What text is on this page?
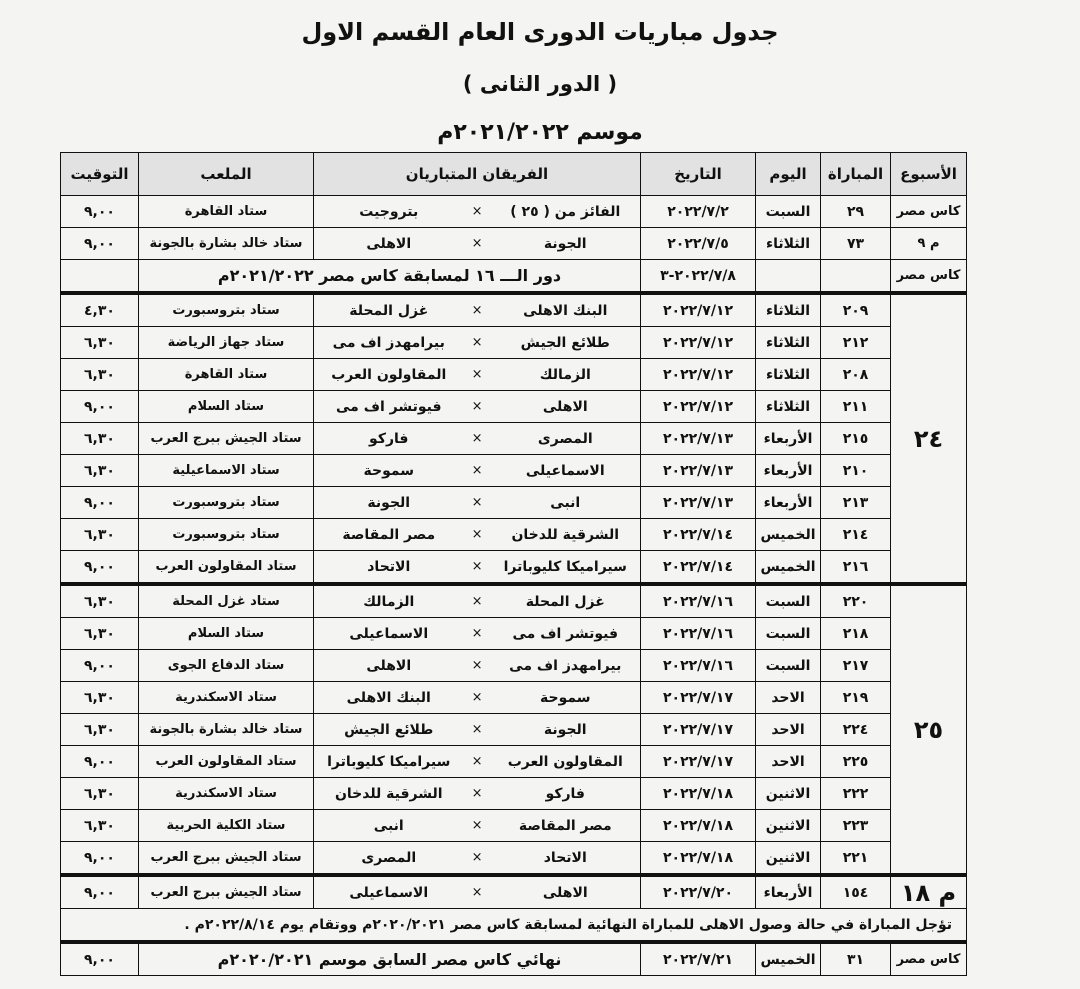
جدول مباريات الدورى العام القسم الاول
( الدور الثانى )
موسم ٢٠٢١/٢٠٢٢م
الأسبوع	المباراة	اليوم	التاريخ	الفريقان المتباريان			الملعب	التوقيت
كاس مصر	٢٩	السبت	٢٠٢٢/٧/٢	الفائز من ( ٢٥ )	×	بتروجيت	ستاد القاهرة	٩,٠٠
م ٩	٧٣	الثلاثاء	٢٠٢٢/٧/٥	الجونة	×	الاهلى	ستاد خالد بشارة بالجونة	٩,٠٠
كاس مصر			٢٠٢٢/٧/٨-٣	دور الـــ ١٦ لمسابقة كاس مصر ٢٠٢١/٢٠٢٢م				
٢٤	٢٠٩	الثلاثاء	٢٠٢٢/٧/١٢	البنك الاهلى	×	غزل المحلة	ستاد بتروسبورت	٤,٣٠
	٢١٢	الثلاثاء	٢٠٢٢/٧/١٢	طلائع الجيش	×	بيرامهدز اف مى	ستاد جهاز الرياضة	٦,٣٠
	٢٠٨	الثلاثاء	٢٠٢٢/٧/١٢	الزمالك	×	المقاولون العرب	ستاد القاهرة	٦,٣٠
	٢١١	الثلاثاء	٢٠٢٢/٧/١٢	الاهلى	×	فيوتشر اف مى	ستاد السلام	٩,٠٠
	٢١٥	الأربعاء	٢٠٢٢/٧/١٣	المصرى	×	فاركو	ستاد الجيش ببرج العرب	٦,٣٠
	٢١٠	الأربعاء	٢٠٢٢/٧/١٣	الاسماعيلى	×	سموحة	ستاد الاسماعيلية	٦,٣٠
	٢١٣	الأربعاء	٢٠٢٢/٧/١٣	انبى	×	الجونة	ستاد بتروسبورت	٩,٠٠
	٢١٤	الخميس	٢٠٢٢/٧/١٤	الشرقية للدخان	×	مصر المقاصة	ستاد بتروسبورت	٦,٣٠
	٢١٦	الخميس	٢٠٢٢/٧/١٤	سيراميكا كليوباترا	×	الاتحاد	ستاد المقاولون العرب	٩,٠٠
٢٥	٢٢٠	السبت	٢٠٢٢/٧/١٦	غزل المحلة	×	الزمالك	ستاد غزل المحلة	٦,٣٠
	٢١٨	السبت	٢٠٢٢/٧/١٦	فيوتشر اف مى	×	الاسماعيلى	ستاد السلام	٦,٣٠
	٢١٧	السبت	٢٠٢٢/٧/١٦	بيرامهدز اف مى	×	الاهلى	ستاد الدفاع الجوى	٩,٠٠
	٢١٩	الاحد	٢٠٢٢/٧/١٧	سموحة	×	البنك الاهلى	ستاد الاسكندرية	٦,٣٠
	٢٢٤	الاحد	٢٠٢٢/٧/١٧	الجونة	×	طلائع الجيش	ستاد خالد بشارة بالجونة	٦,٣٠
	٢٢٥	الاحد	٢٠٢٢/٧/١٧	المقاولون العرب	×	سيراميكا كليوباترا	ستاد المقاولون العرب	٩,٠٠
	٢٢٢	الاثنين	٢٠٢٢/٧/١٨	فاركو	×	الشرقية للدخان	ستاد الاسكندرية	٦,٣٠
	٢٢٣	الاثنين	٢٠٢٢/٧/١٨	مصر المقاصة	×	انبى	ستاد الكلية الحربية	٦,٣٠
	٢٢١	الاثنين	٢٠٢٢/٧/١٨	الاتحاد	×	المصرى	ستاد الجيش ببرج العرب	٩,٠٠
م ١٨	١٥٤	الأربعاء	٢٠٢٢/٧/٢٠	الاهلى	×	الاسماعيلى	ستاد الجيش ببرج العرب	٩,٠٠
تؤجل المباراة في حالة وصول الاهلى للمباراة النهائية لمسابقة كاس مصر ٢٠٢٠/٢٠٢١م ووتقام يوم ٢٠٢٢/٨/١٤م .								
كاس مصر	٣١	الخميس	٢٠٢٢/٧/٢١	نهائي كاس مصر السابق موسم ٢٠٢٠/٢٠٢١م				٩,٠٠
